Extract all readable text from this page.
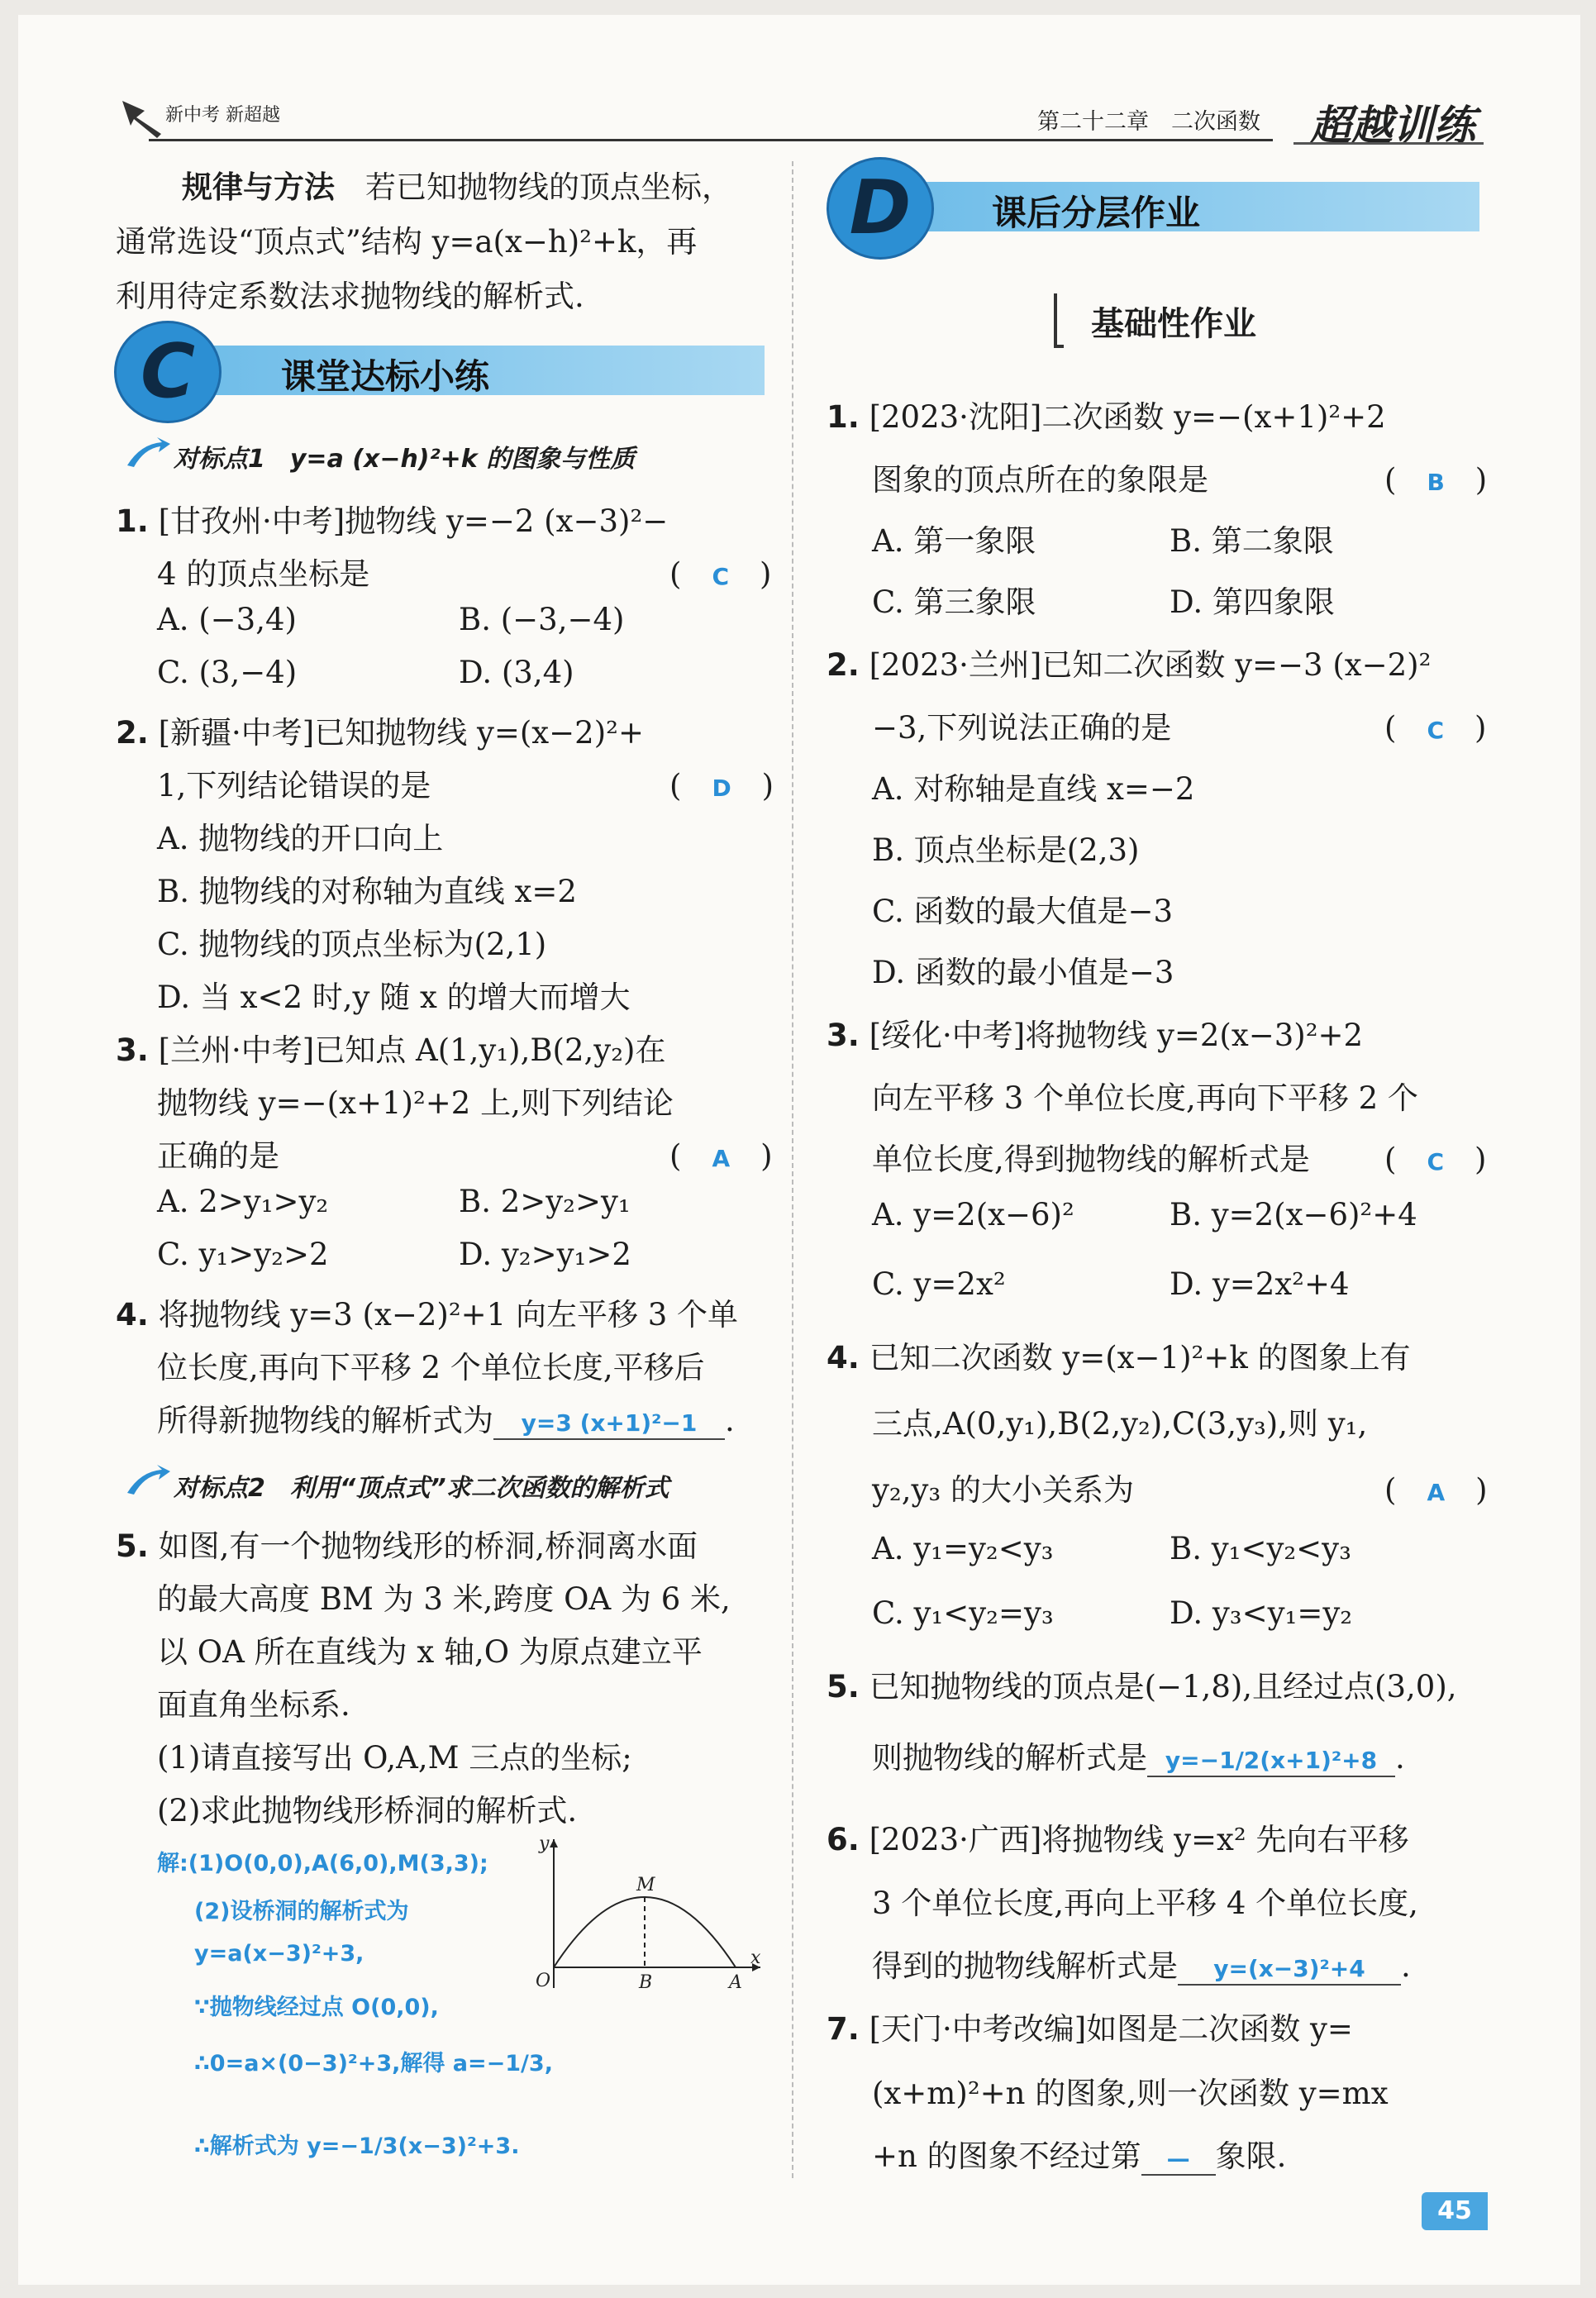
新中考 新超越	第二十二章　二次函数 超越训练
规律与方法　 若已知抛物线的顶点坐标，
通常选设“顶点式”结构 y=a(x−h)²+k，再
利用待定系数法求抛物线的解析式.
C	课堂达标小练
对标点1　y=a (x−h)²+k 的图象与性质
1. [甘孜州·中考]抛物线 y=−2 (x−3)²−
4 的顶点坐标是	(　C　)
A. (−3,4)	B. (−3,−4)
C. (3,−4)	D. (3,4)
2. [新疆·中考]已知抛物线 y=(x−2)²+
1,下列结论错误的是	(　D　)
A. 抛物线的开口向上
B. 抛物线的对称轴为直线 x=2
C. 抛物线的顶点坐标为(2,1)
D. 当 x<2 时,y 随 x 的增大而增大
3. [兰州·中考]已知点 A(1,y₁),B(2,y₂)在
抛物线 y=−(x+1)²+2 上,则下列结论
正确的是	(　A　)
A. 2>y₁>y₂	B. 2>y₂>y₁
C. y₁>y₂>2	D. y₂>y₁>2
4. 将抛物线 y=3 (x−2)²+1 向左平移 3 个单
位长度,再向下平移 2 个单位长度,平移后
所得新抛物线的解析式为 y=3 (x+1)²−1 .
对标点2　利用“顶点式”求二次函数的解析式
5. 如图,有一个抛物线形的桥洞,桥洞离水面
的最大高度 BM 为 3 米,跨度 OA 为 6 米,
以 OA 所在直线为 x 轴,O 为原点建立平
面直角坐标系.
(1)请直接写出 O,A,M 三点的坐标;
(2)求此抛物线形桥洞的解析式.
解:(1)O(0,0),A(6,0),M(3,3);
(2)设桥洞的解析式为
y=a(x−3)²+3,
∵抛物线经过点 O(0,0),
∴0=a×(0−3)²+3,解得 a=−1/3,
∴解析式为 y=−1/3(x−3)²+3.
y
x
O	B	A
M
D	课后分层作业
基础性作业
1. [2023·沈阳]二次函数 y=−(x+1)²+2
图象的顶点所在的象限是	(　B　)
A. 第一象限	B. 第二象限
C. 第三象限	D. 第四象限
2. [2023·兰州]已知二次函数 y=−3 (x−2)²
−3,下列说法正确的是	(　C　)
A. 对称轴是直线 x=−2
B. 顶点坐标是(2,3)
C. 函数的最大值是−3
D. 函数的最小值是−3
3. [绥化·中考]将抛物线 y=2(x−3)²+2
向左平移 3 个单位长度,再向下平移 2 个
单位长度,得到抛物线的解析式是 (　C　)
A. y=2(x−6)²	B. y=2(x−6)²+4
C. y=2x²	D. y=2x²+4
4. 已知二次函数 y=(x−1)²+k 的图象上有
三点,A(0,y₁),B(2,y₂),C(3,y₃),则 y₁,
y₂,y₃ 的大小关系为	(　A　)
A. y₁=y₂<y₃	B. y₁<y₂<y₃
C. y₁<y₂=y₃	D. y₃<y₁=y₂
5. 已知抛物线的顶点是(−1,8),且经过点(3,0),
则抛物线的解析式是 y=−1/2(x+1)²+8 .
6. [2023·广西]将抛物线 y=x² 先向右平移
3 个单位长度,再向上平移 4 个单位长度,
得到的抛物线解析式是 y=(x−3)²+4 .
7. [天门·中考改编]如图是二次函数 y=
(x+m)²+n 的图象,则一次函数 y=mx
+n 的图象不经过第 — 象限.
45
